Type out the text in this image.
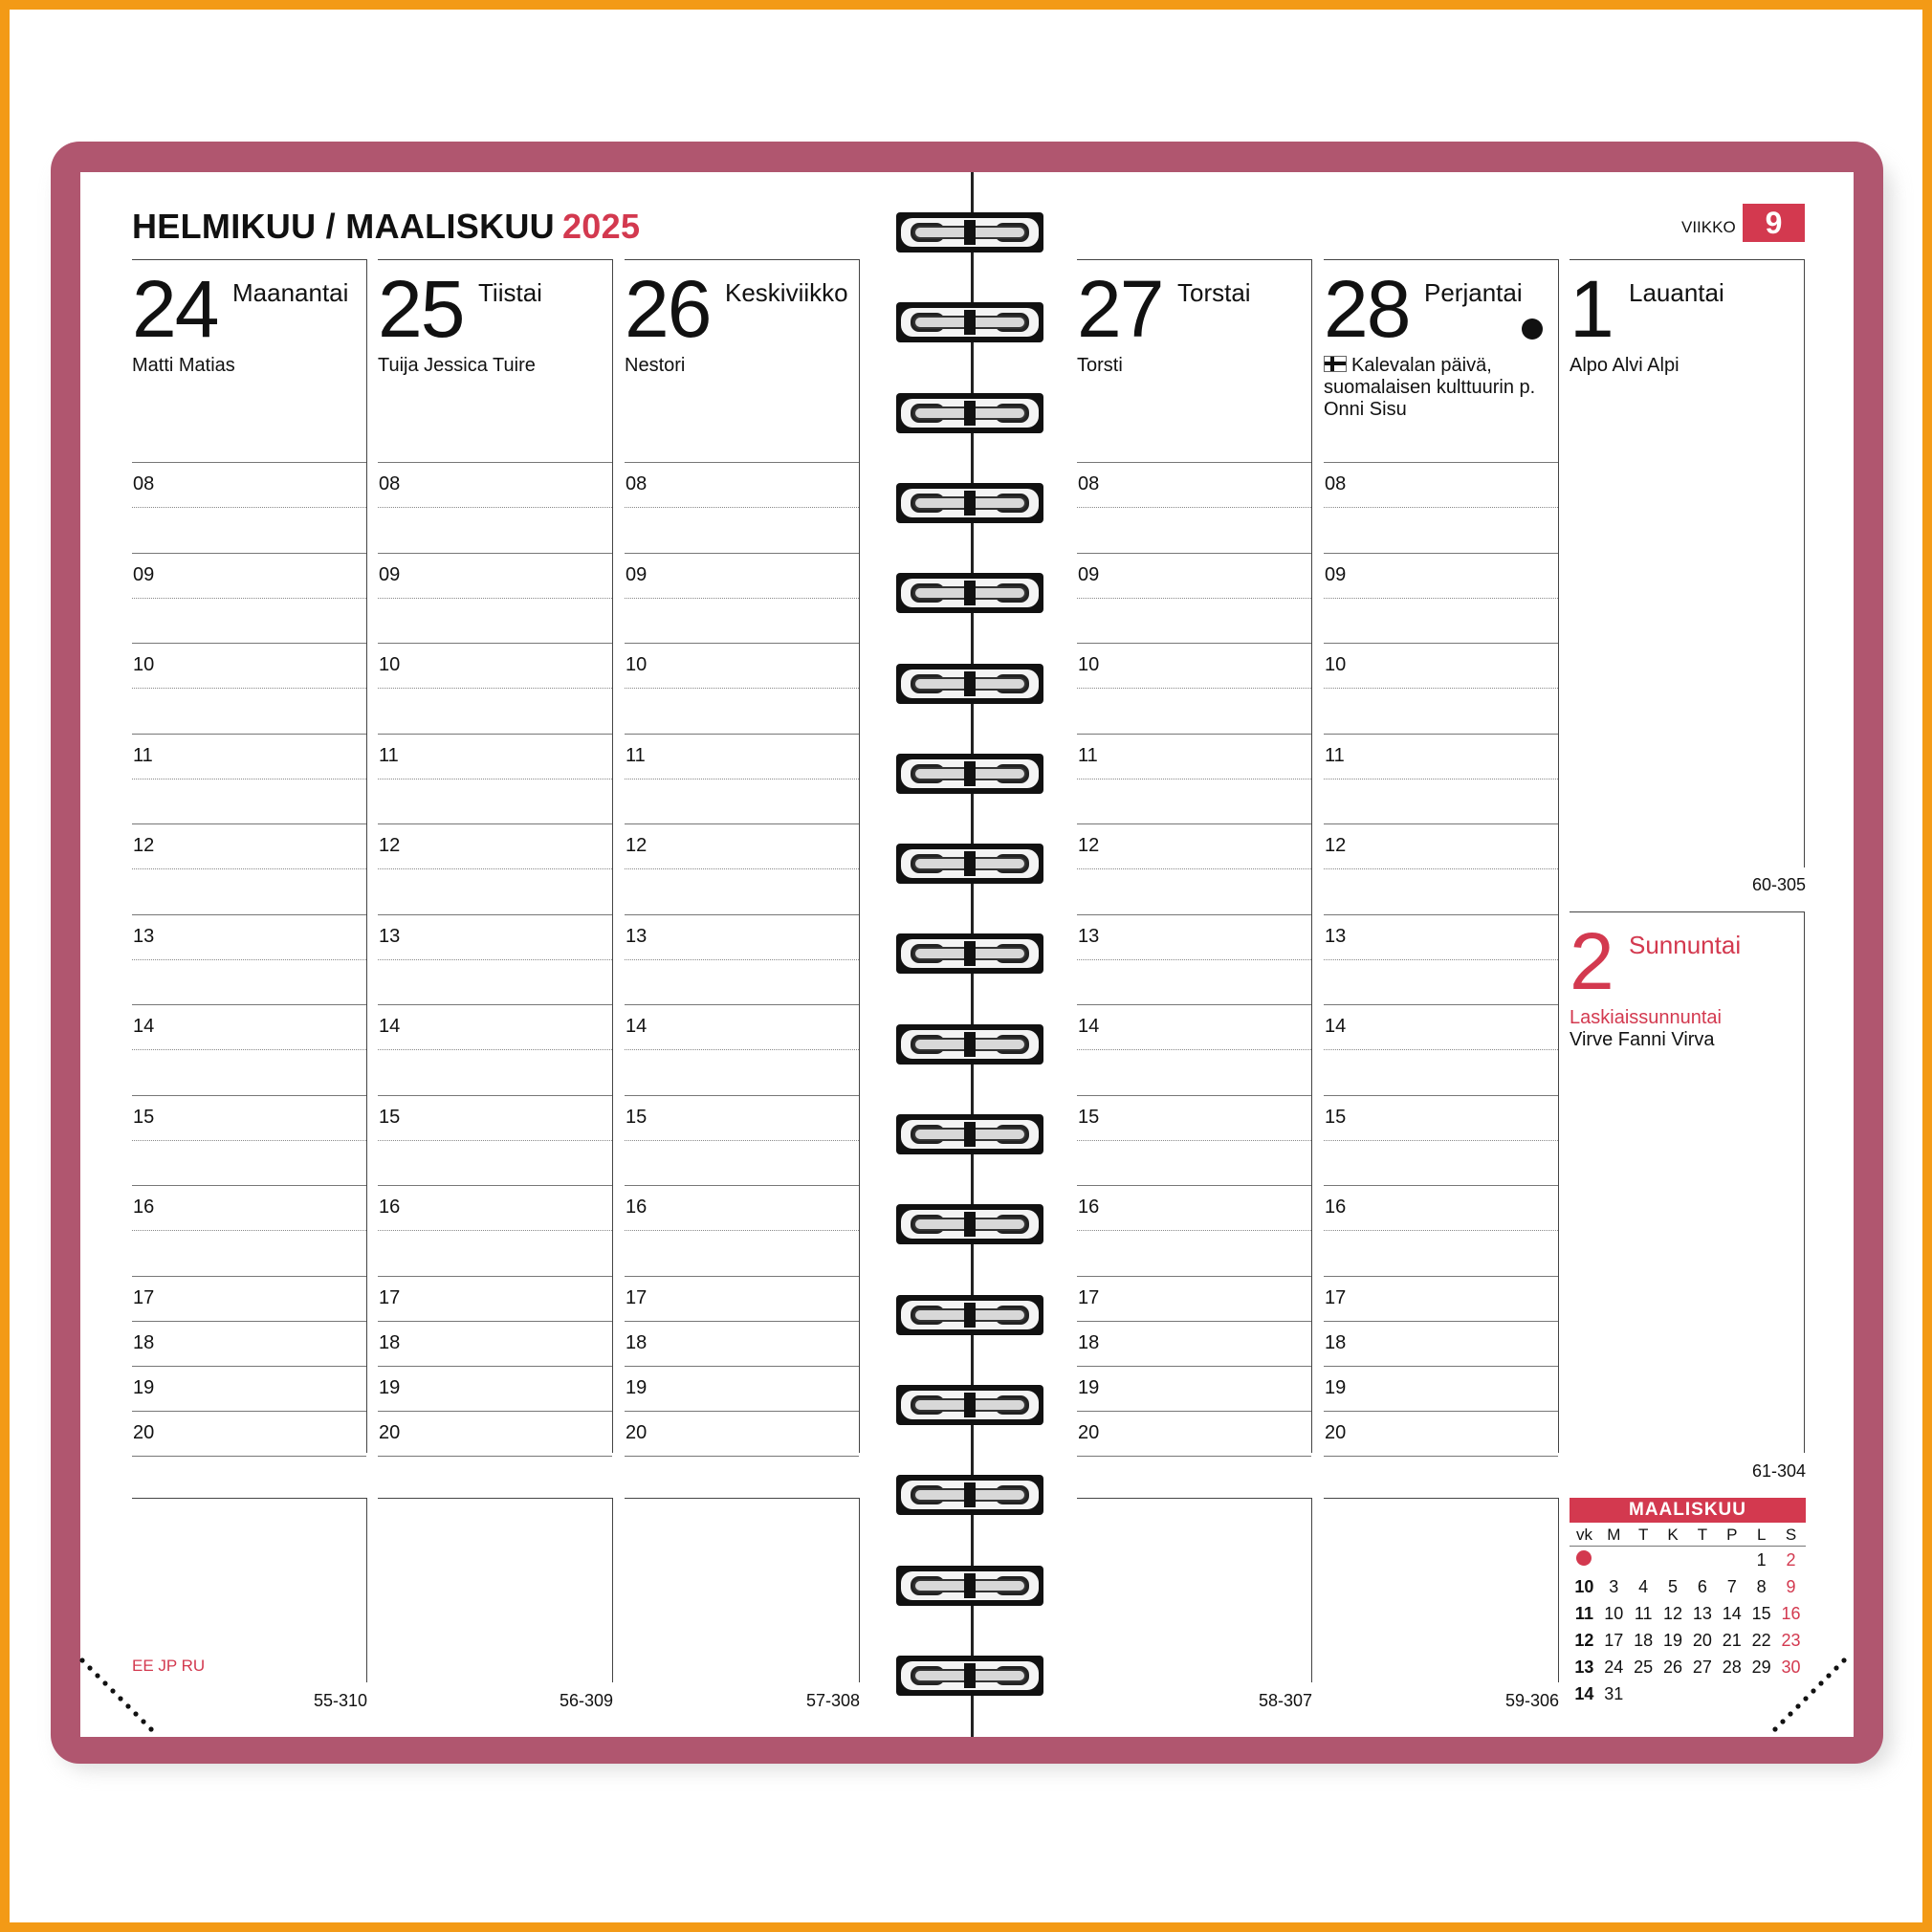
HELMIKUU / MAALISKUU 2025	VIIKKO 9
24 Maanantai
Matti Matias
08
09
10
11
12
13
14
15
16
17
18
19
20
25 Tiistai
Tuija Jessica Tuire
08
09
10
11
12
13
14
15
16
17
18
19
20
26 Keskiviikko
Nestori
08
09
10
11
12
13
14
15
16
17
18
19
20
27 Torstai
Torsti
08
09
10
11
12
13
14
15
16
17
18
19
20
28 Perjantai
Kalevalan päivä, suomalaisen kulttuurin p.
Onni Sisu
08
09
10
11
12
13
14
15
16
17
18
19
20
1 Lauantai
Alpo Alvi Alpi
60-305
2 Sunnuntai
Laskiaissunnuntai
Virve Fanni Virva
61-304
55-310	56-309	57-308	58-307	59-306
EE JP RU
MAALISKUU
vk	M	T	K	T	P	L	S
						1	2
10	3	4	5	6	7	8	9
11	10	11	12	13	14	15	16
12	17	18	19	20	21	22	23
13	24	25	26	27	28	29	30
14	31						
